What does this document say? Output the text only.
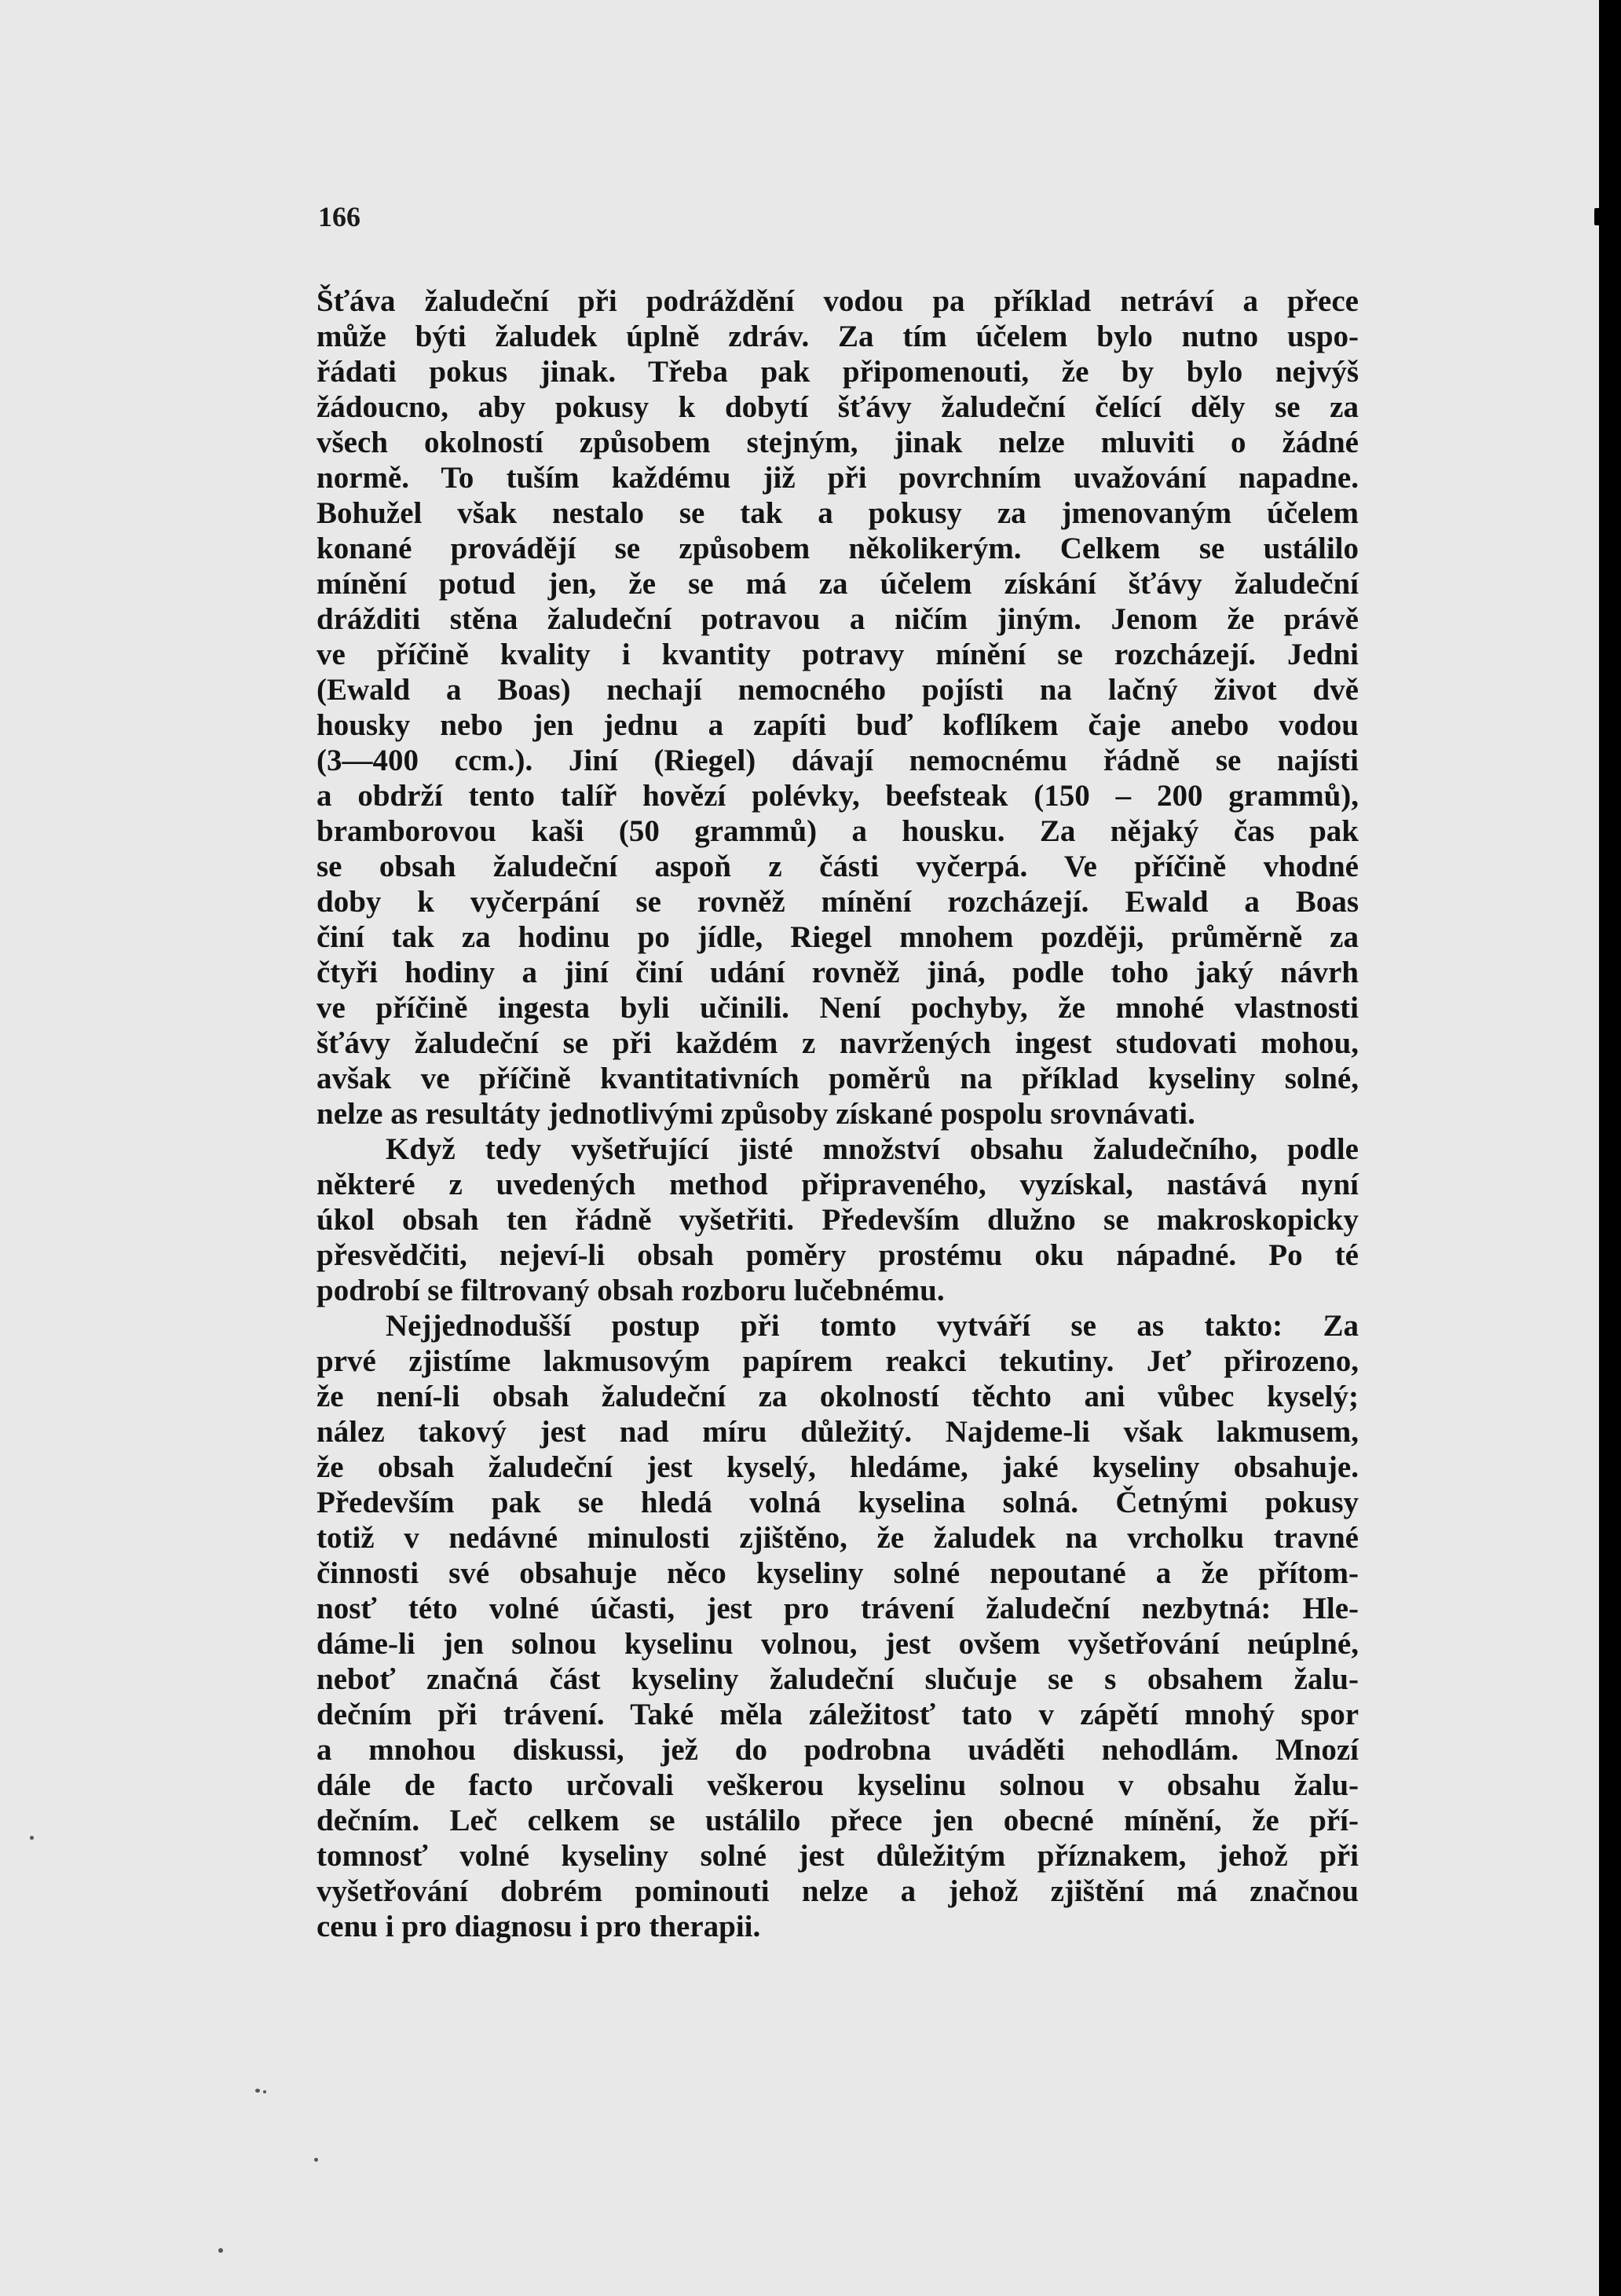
166
Šťáva žaludeční při podráždění vodou pa příklad netráví a přece
může býti žaludek úplně zdráv. Za tím účelem bylo nutno uspo-
řádati pokus jinak. Třeba pak připomenouti, že by bylo nejvýš
žádoucno, aby pokusy k dobytí šťávy žaludeční čelící děly se za
všech okolností způsobem stejným, jinak nelze mluviti o žádné
normě. To tuším každému již při povrchním uvažování napadne.
Bohužel však nestalo se tak a pokusy za jmenovaným účelem
konané provádějí se způsobem několikerým. Celkem se ustálilo
mínění potud jen, že se má za účelem získání šťávy žaludeční
drážditi stěna žaludeční potravou a ničím jiným. Jenom že právě
ve příčině kvality i kvantity potravy mínění se rozcházejí. Jedni
(Ewald a Boas) nechají nemocného pojísti na lačný život dvě
housky nebo jen jednu a zapíti buď koflíkem čaje anebo vodou
(3—400 ccm.). Jiní (Riegel) dávají nemocnému řádně se najísti
a obdrží tento talíř hovězí polévky, beefsteak (150 – 200 grammů),
bramborovou kaši (50 grammů) a housku. Za nějaký čas pak
se obsah žaludeční aspoň z části vyčerpá. Ve příčině vhodné
doby k vyčerpání se rovněž mínění rozcházejí. Ewald a Boas
činí tak za hodinu po jídle, Riegel mnohem později, průměrně za
čtyři hodiny a jiní činí udání rovněž jiná, podle toho jaký návrh
ve příčině ingesta byli učinili. Není pochyby, že mnohé vlastnosti
šťávy žaludeční se při každém z navržených ingest studovati mohou,
avšak ve příčině kvantitativních poměrů na příklad kyseliny solné,
nelze as resultáty jednotlivými způsoby získané pospolu srovnávati.
Když tedy vyšetřující jisté množství obsahu žaludečního, podle
některé z uvedených method připraveného, vyzískal, nastává nyní
úkol obsah ten řádně vyšetřiti. Především dlužno se makroskopicky
přesvědčiti, nejeví-li obsah poměry prostému oku nápadné. Po té
podrobí se filtrovaný obsah rozboru lučebnému.
Nejjednodušší postup při tomto vytváří se as takto: Za
prvé zjistíme lakmusovým papírem reakci tekutiny. Jeť přirozeno,
že není-li obsah žaludeční za okolností těchto ani vůbec kyselý;
nález takový jest nad míru důležitý. Najdeme-li však lakmusem,
že obsah žaludeční jest kyselý, hledáme, jaké kyseliny obsahuje.
Především pak se hledá volná kyselina solná. Četnými pokusy
totiž v nedávné minulosti zjištěno, že žaludek na vrcholku travné
činnosti své obsahuje něco kyseliny solné nepoutané a že přítom-
nosť této volné účasti, jest pro trávení žaludeční nezbytná: Hle-
dáme-li jen solnou kyselinu volnou, jest ovšem vyšetřování neúplné,
neboť značná část kyseliny žaludeční slučuje se s obsahem žalu-
dečním při trávení. Také měla záležitosť tato v zápětí mnohý spor
a mnohou diskussi, jež do podrobna uváděti nehodlám. Mnozí
dále de facto určovali veškerou kyselinu solnou v obsahu žalu-
dečním. Leč celkem se ustálilo přece jen obecné mínění, že pří-
tomnosť volné kyseliny solné jest důležitým příznakem, jehož při
vyšetřování dobrém pominouti nelze a jehož zjištění má značnou
cenu i pro diagnosu i pro therapii.
